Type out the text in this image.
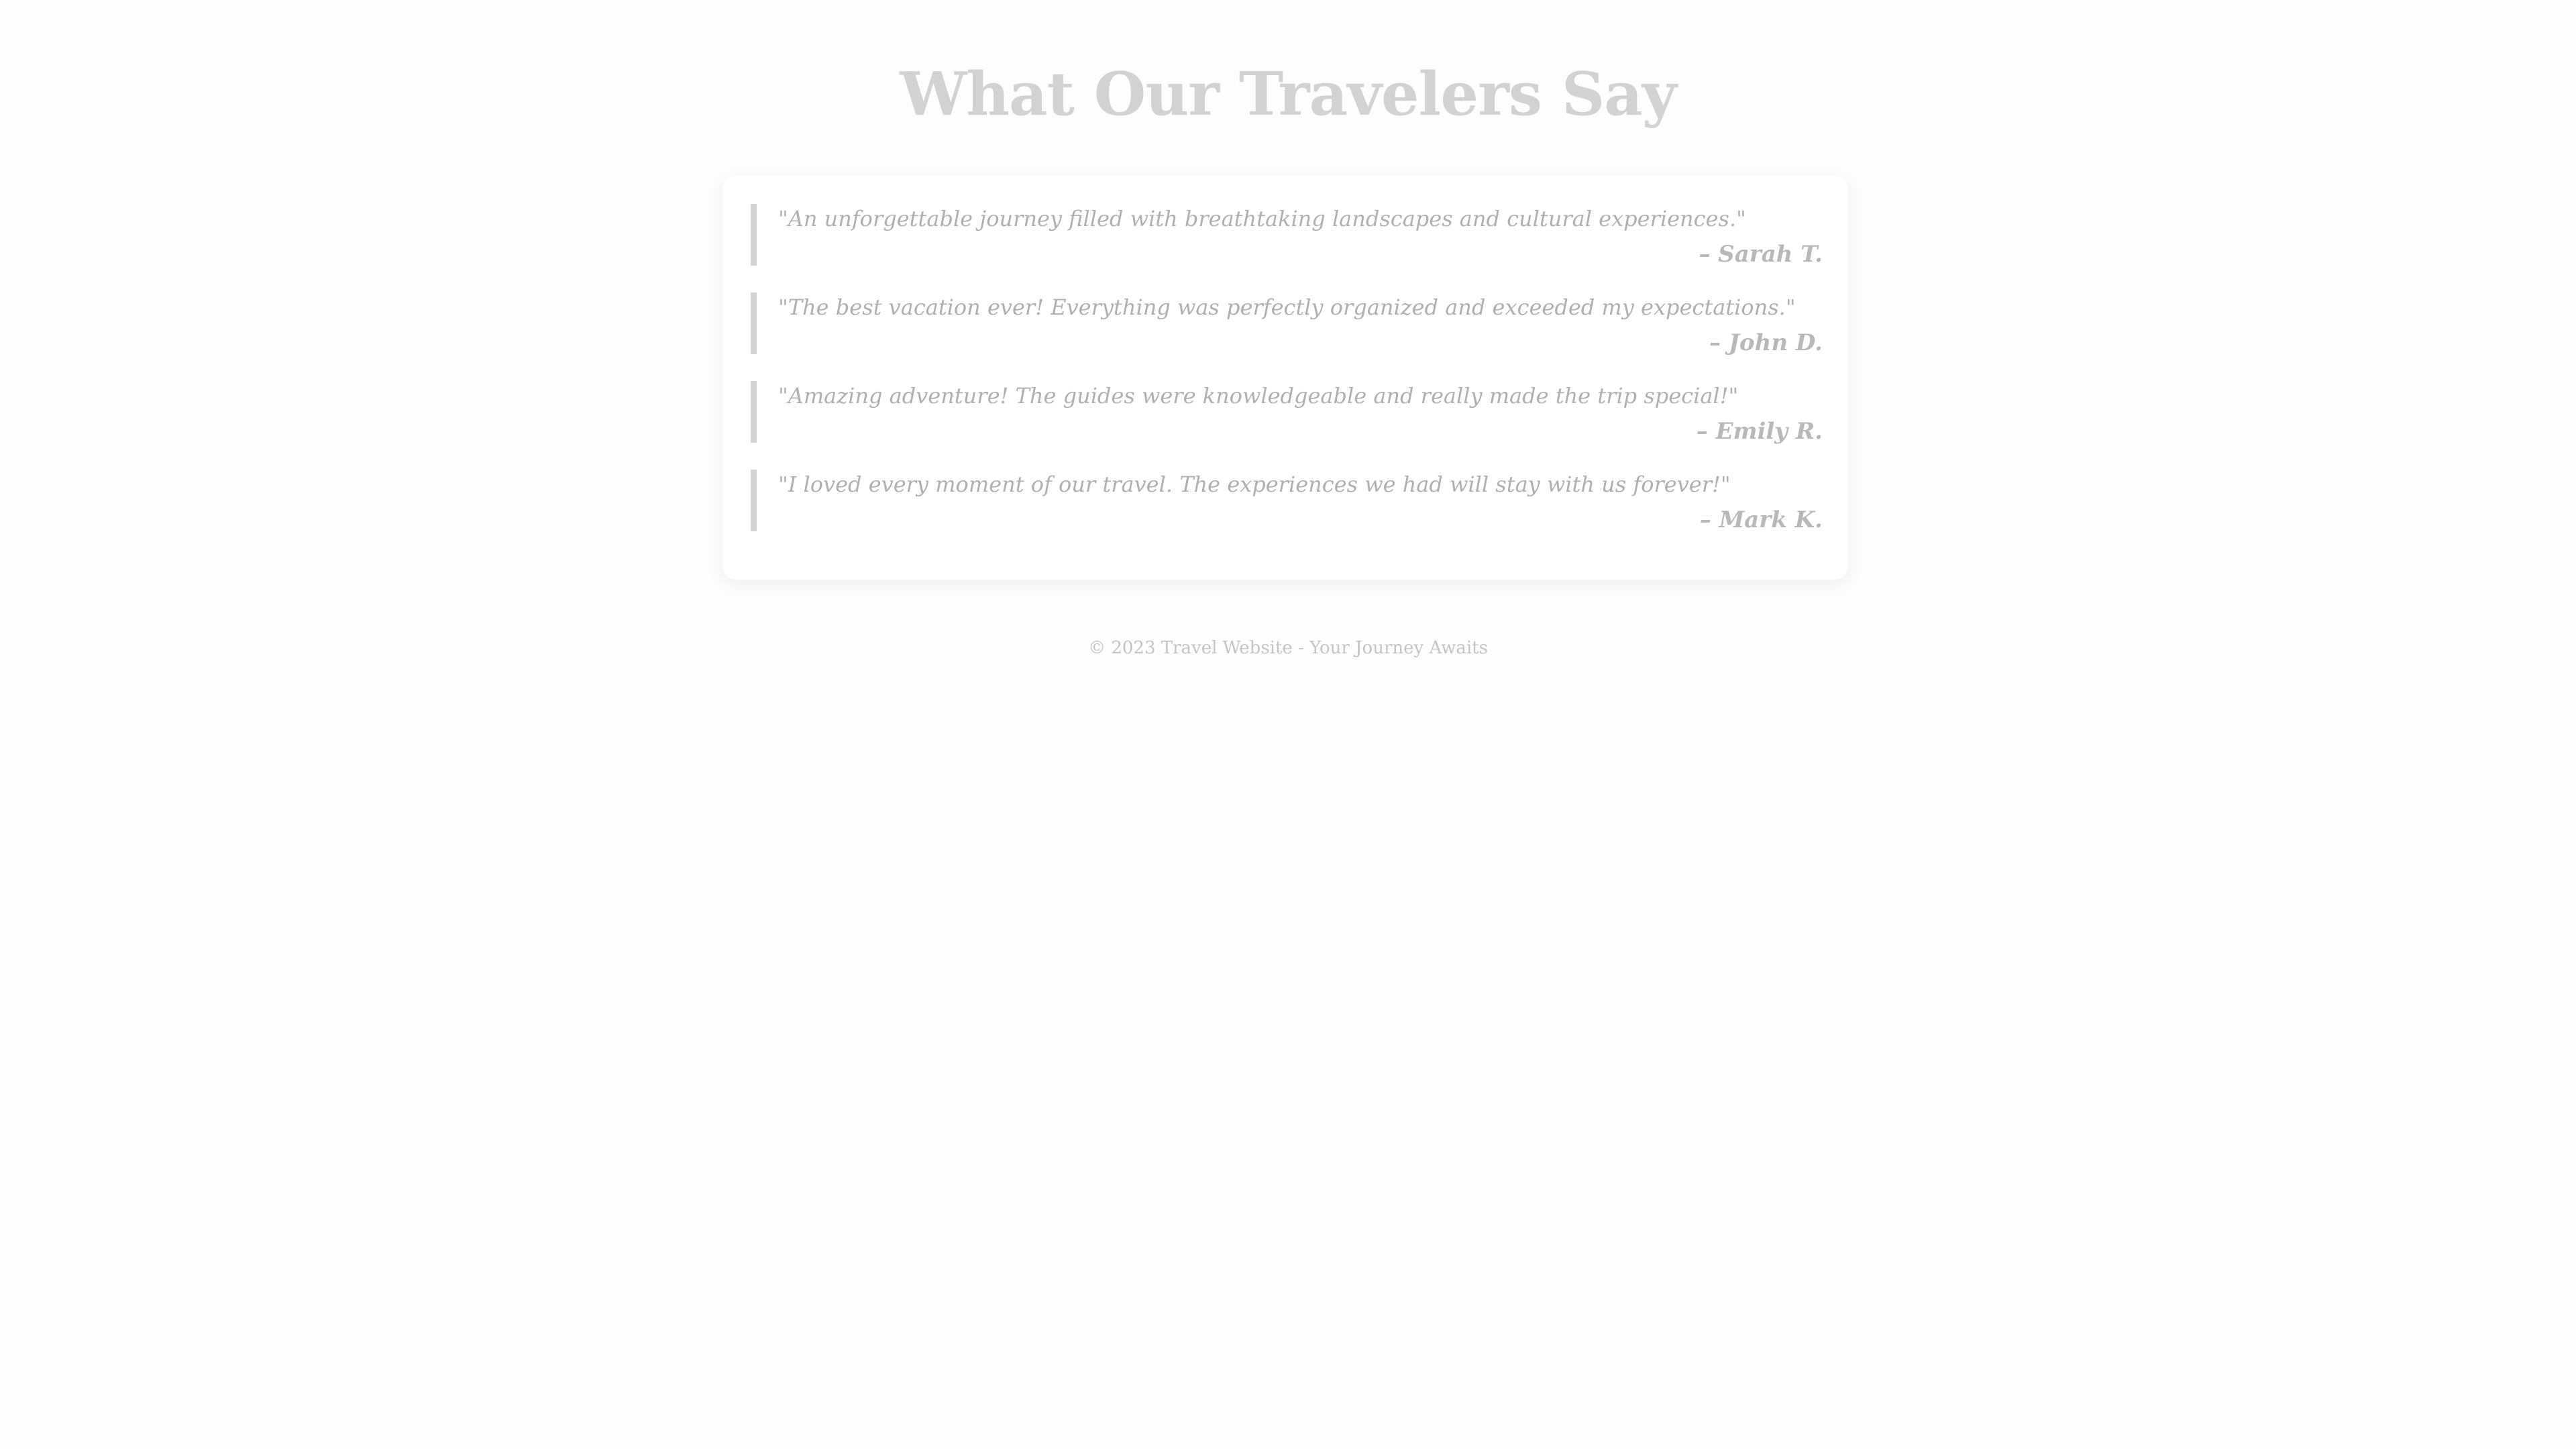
What Our Travelers Say

"An unforgettable journey filled with breathtaking landscapes and cultural experiences."

– Sarah T.

"The best vacation ever! Everything was perfectly organized and exceeded my expectations."

– John D.

"Amazing adventure! The guides were knowledgeable and really made the trip special!"

– Emily R.

"I loved every moment of our travel. The experiences we had will stay with us forever!"

– Mark K.

© 2023 Travel Website - Your Journey Awaits
